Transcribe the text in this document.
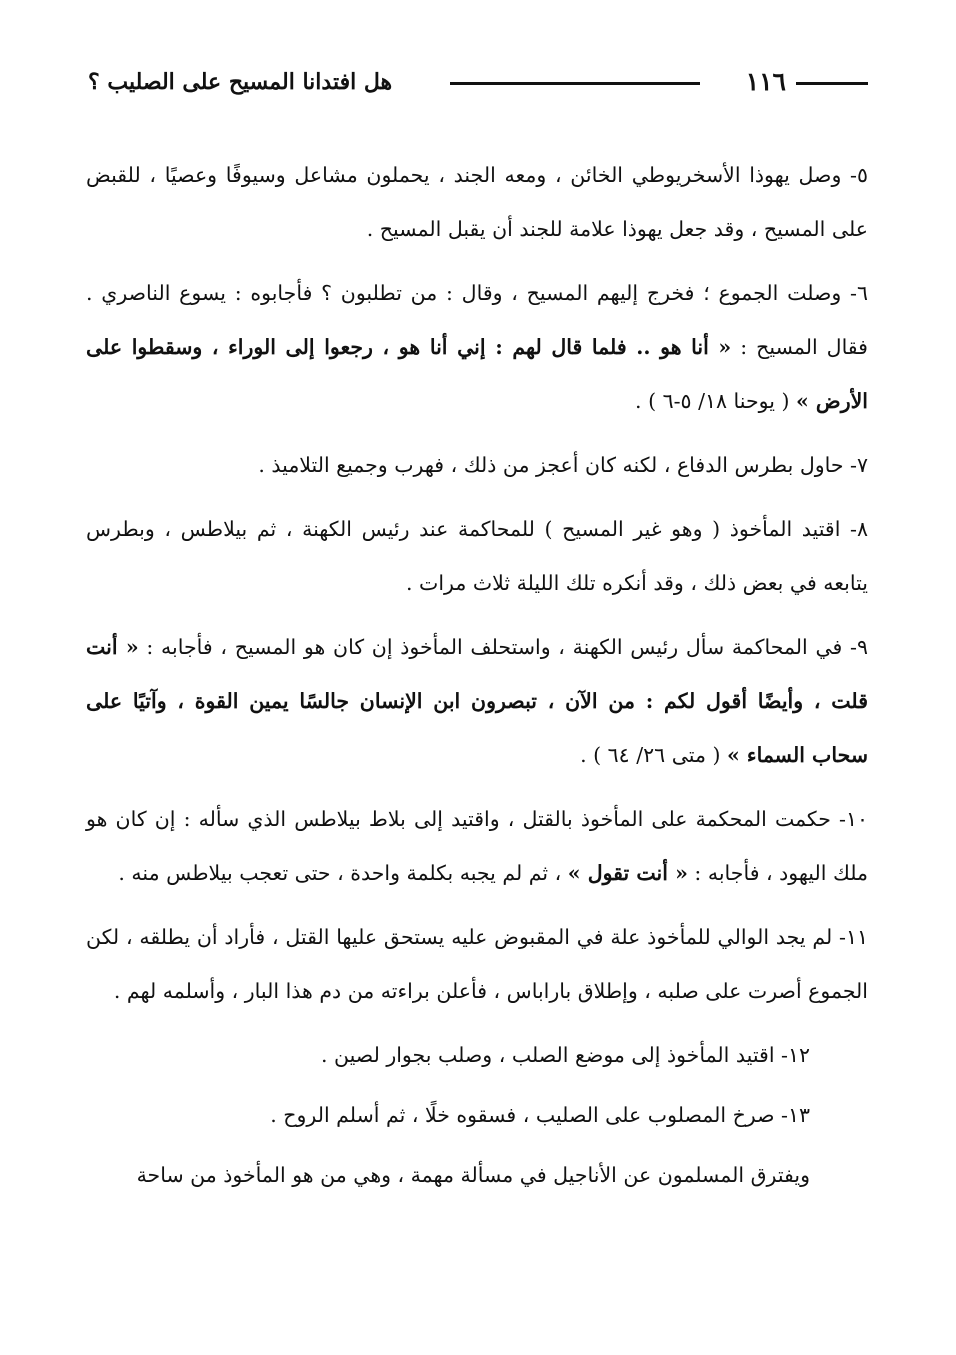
١١٦
هل افتدانا المسيح على الصليب ؟

٥- وصل يهوذا الأسخريوطي الخائن ، ومعه الجند ، يحملون مشاعل وسيوفًا وعصيًا ، للقبض على المسيح ، وقد جعل يهوذا علامة للجند أن يقبل المسيح .

٦- وصلت الجموع ؛ فخرج إليهم المسيح ، وقال : من تطلبون ؟ فأجابوه : يسوع الناصري . فقال المسيح : « أنا هو .. فلما قال لهم : إني أنا هو ، رجعوا إلى الوراء ، وسقطوا على الأرض » ( يوحنا ١٨/ ٥-٦ ) .

٧- حاول بطرس الدفاع ، لكنه كان أعجز من ذلك ، فهرب وجميع التلاميذ .

٨- اقتيد المأخوذ ( وهو غير المسيح ) للمحاكمة عند رئيس الكهنة ، ثم بيلاطس ، وبطرس يتابعه في بعض ذلك ، وقد أنكره تلك الليلة ثلاث مرات .

٩- في المحاكمة سأل رئيس الكهنة ، واستحلف المأخوذ إن كان هو المسيح ، فأجابه : « أنت قلت ، وأيضًا أقول لكم : من الآن ، تبصرون ابن الإنسان جالسًا يمين القوة ، وآتيًا على سحاب السماء » ( متى ٢٦/ ٦٤ ) .

١٠- حكمت المحكمة على المأخوذ بالقتل ، واقتيد إلى بلاط بيلاطس الذي سأله : إن كان هو ملك اليهود ، فأجابه : « أنت تقول » ، ثم لم يجبه بكلمة واحدة ، حتى تعجب بيلاطس منه .

١١- لم يجد الوالي للمأخوذ علة في المقبوض عليه يستحق عليها القتل ، فأراد أن يطلقه ، لكن الجموع أصرت على صلبه ، وإطلاق باراباس ، فأعلن براءته من دم هذا البار ، وأسلمه لهم .

١٢- اقتيد المأخوذ إلى موضع الصلب ، وصلب بجوار لصين .

١٣- صرخ المصلوب على الصليب ، فسقوه خلًا ، ثم أسلم الروح .

ويفترق المسلمون عن الأناجيل في مسألة مهمة ، وهي من هو المأخوذ من ساحة
